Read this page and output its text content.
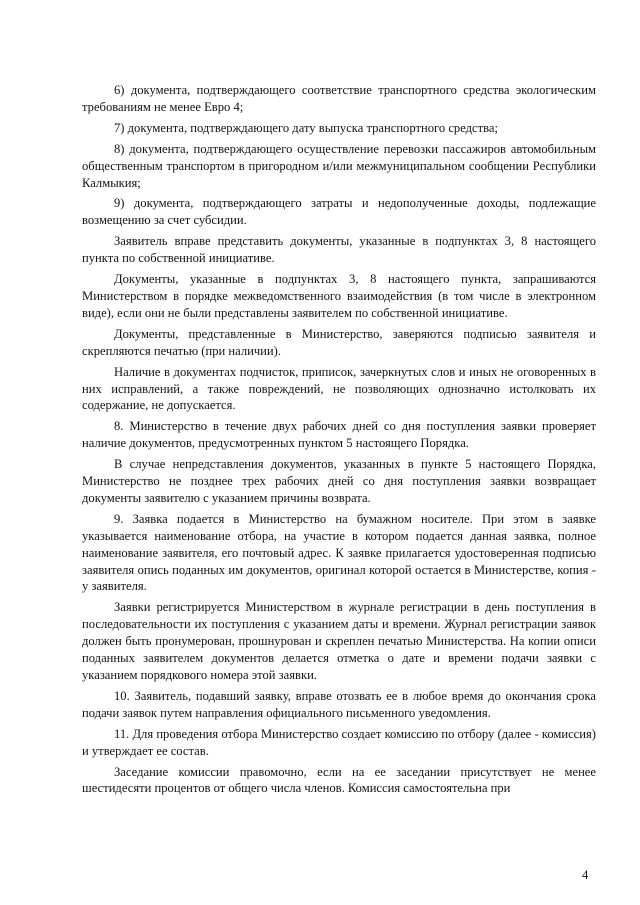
6) документа, подтверждающего соответствие транспортного средства экологическим требованиям не менее Евро 4;

7) документа, подтверждающего дату выпуска транспортного средства;

8) документа, подтверждающего осуществление перевозки пассажиров автомобильным общественным транспортом в пригородном и/или межмуниципальном сообщении Республики Калмыкия;

9) документа, подтверждающего затраты и недополученные доходы, подлежащие возмещению за счет субсидии.

Заявитель вправе представить документы, указанные в подпунктах 3, 8 настоящего пункта по собственной инициативе.

Документы, указанные в подпунктах 3, 8 настоящего пункта, запрашиваются Министерством в порядке межведомственного взаимодействия (в том числе в электронном виде), если они не были представлены заявителем по собственной инициативе.

Документы, представленные в Министерство, заверяются подписью заявителя и скрепляются печатью (при наличии).

Наличие в документах подчисток, приписок, зачеркнутых слов и иных не оговоренных в них исправлений, а также повреждений, не позволяющих однозначно истолковать их содержание, не допускается.

8. Министерство в течение двух рабочих дней со дня поступления заявки проверяет наличие документов, предусмотренных пунктом 5 настоящего Порядка.

В случае непредставления документов, указанных в пункте 5 настоящего Порядка, Министерство не позднее трех рабочих дней со дня поступления заявки возвращает документы заявителю с указанием причины возврата.

9. Заявка подается в Министерство на бумажном носителе. При этом в заявке указывается наименование отбора, на участие в котором подается данная заявка, полное наименование заявителя, его почтовый адрес. К заявке прилагается удостоверенная подписью заявителя опись поданных им документов, оригинал которой остается в Министерстве, копия - у заявителя.

Заявки регистрируется Министерством в журнале регистрации в день поступления в последовательности их поступления с указанием даты и времени. Журнал регистрации заявок должен быть пронумерован, прошнурован и скреплен печатью Министерства. На копии описи поданных заявителем документов делается отметка о дате и времени подачи заявки с указанием порядкового номера этой заявки.

10. Заявитель, подавший заявку, вправе отозвать ее в любое время до окончания срока подачи заявок путем направления официального письменного уведомления.

11. Для проведения отбора Министерство создает комиссию по отбору (далее - комиссия) и утверждает ее состав.

Заседание комиссии правомочно, если на ее заседании присутствует не менее шестидесяти процентов от общего числа членов. Комиссия самостоятельна при

4
